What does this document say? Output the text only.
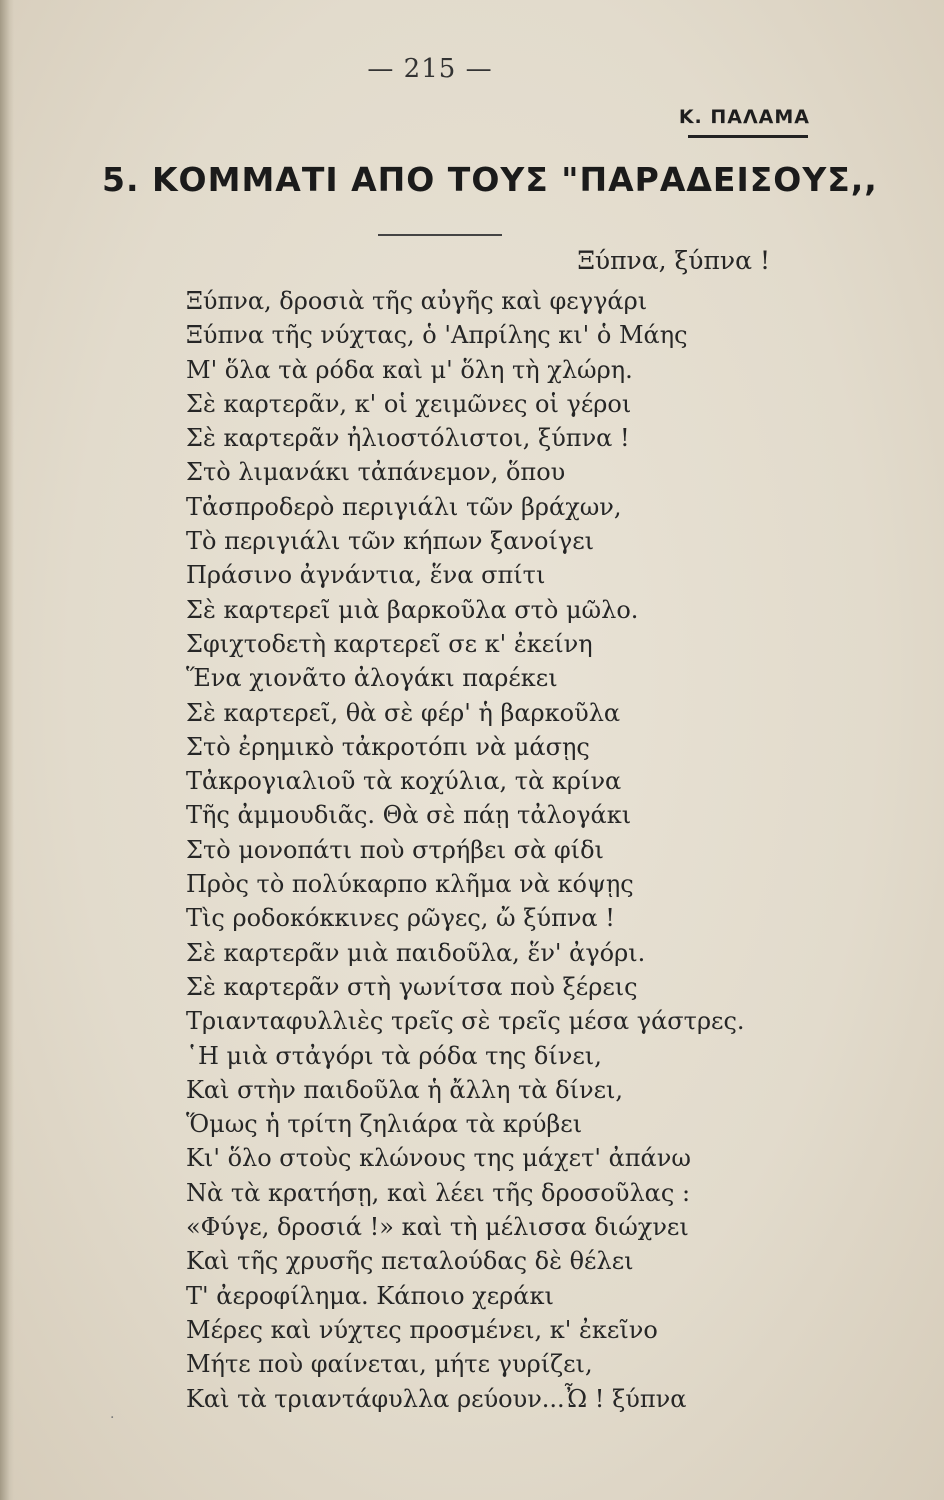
— 215 —
Κ. ΠΑΛΑΜΑ
5. ΚΟΜΜΑΤΙ ΑΠΟ ΤΟΥΣ "ΠΑΡΑΔΕΙΣΟΥΣ,,
Ξύπνα, ξύπνα !
Ξύπνα, δροσιὰ τῆς αὐγῆς καὶ φεγγάρι
Ξύπνα τῆς νύχτας, ὁ 'Απρίλης κι' ὁ Μάης
Μ' ὅλα τὰ ρόδα καὶ μ' ὅλη τὴ χλώρη.
Σὲ καρτερᾶν, κ' οἱ χειμῶνες οἱ γέροι
Σὲ καρτερᾶν ἠλιοστόλιστοι, ξύπνα !
Στὸ λιμανάκι τἀπάνεμον, ὅπου
Τἀσπροδερὸ περιγιάλι τῶν βράχων,
Τὸ περιγιάλι τῶν κήπων ξανοίγει
Πράσινο ἀγνάντια, ἕνα σπίτι
Σὲ καρτερεῖ μιὰ βαρκοῦλα στὸ μῶλο.
Σφιχτοδετὴ καρτερεῖ σε κ' ἐκείνη
Ἕνα χιονᾶτο ἀλογάκι παρέκει
Σὲ καρτερεῖ, θὰ σὲ φέρ' ἡ βαρκοῦλα
Στὸ ἐρημικὸ τἀκροτόπι νὰ μάσῃς
Τἀκρογιαλιοῦ τὰ κοχύλια, τὰ κρίνα
Τῆς ἀμμουδιᾶς. Θὰ σὲ πάῃ τἀλογάκι
Στὸ μονοπάτι ποὺ στρήβει σὰ φίδι
Πρὸς τὸ πολύκαρπο κλῆμα νὰ κόψῃς
Τὶς ροδοκόκκινες ρῶγες, ὤ ξύπνα !
Σὲ καρτερᾶν μιὰ παιδοῦλα, ἕν' ἀγόρι.
Σὲ καρτερᾶν στὴ γωνίτσα ποὺ ξέρεις
Τριανταφυλλιὲς τρεῖς σὲ τρεῖς μέσα γάστρες.
῾Η μιὰ στἀγόρι τὰ ρόδα της δίνει,
Καὶ στὴν παιδοῦλα ἡ ἄλλη τὰ δίνει,
Ὅμως ἡ τρίτη ζηλιάρα τὰ κρύβει
Κι' ὅλο στοὺς κλώνους της μάχετ' ἀπάνω
Νὰ τὰ κρατήσῃ, καὶ λέει τῆς δροσοῦλας :
«Φύγε, δροσιά !» καὶ τὴ μέλισσα διώχνει
Καὶ τῆς χρυσῆς πεταλούδας δὲ θέλει
Τ' ἀεροφίλημα. Κάποιο χεράκι
Μέρες καὶ νύχτες προσμένει, κ' ἐκεῖνο
Μήτε ποὺ φαίνεται, μήτε γυρίζει,
Καὶ τὰ τριαντάφυλλα ρεύουν...Ὦ ! ξύπνα
·
